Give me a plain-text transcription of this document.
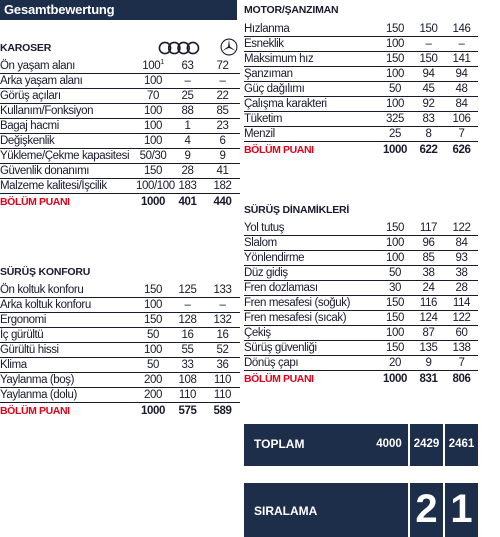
Gesamtbewertung
KAROSER
Ön yaşam alanı	$100^1$	63	72
Arka yaşam alanı	100	–	–
Görüş açıları	70	25	22
Kullanım/Fonksiyon	100	88	85
Bagaj hacmi	100	1	23
Değişkenlik	100	4	6
Yükleme/Çekme kapasitesi	50/30	9	9
Güvenlik donanımı	150	28	41
Malzeme kalitesi/İşcilik	100/100	183	182
BÖLÜM PUANI	1000	401	440
SÜRÜŞ KONFORU
Ön koltuk konforu	150	125	133
Arka koltuk konforu	100	–	–
Ergonomi	150	128	132
İç gürültü	50	16	16
Gürültü hissi	100	55	52
Klima	50	33	36
Yaylanma (boş)	200	108	110
Yaylanma (dolu)	200	110	110
BÖLÜM PUANI	1000	575	589
MOTOR/ŞANZIMAN
Hızlanma	150	150	146
Esneklik	100	–	–
Maksimum hız	150	150	141
Şanzıman	100	94	94
Güç dağılımı	50	45	48
Çalışma karakteri	100	92	84
Tüketim	325	83	106
Menzil	25	8	7
BÖLÜM PUANI	1000	622	626
SÜRÜŞ DİNAMİKLERİ
Yol tutuş	150	117	122
Slalom	100	96	84
Yönlendirme	100	85	93
Düz gidiş	50	38	38
Fren dozlaması	30	24	28
Fren mesafesi (soğuk)	150	116	114
Fren mesafesi (sıcak)	150	124	122
Çekiş	100	87	60
Sürüş güvenliği	150	135	138
Dönüş çapı	20	9	7
BÖLÜM PUANI	1000	831	806
TOPLAM	4000	2429 2461
SIRALAMA 2 1
